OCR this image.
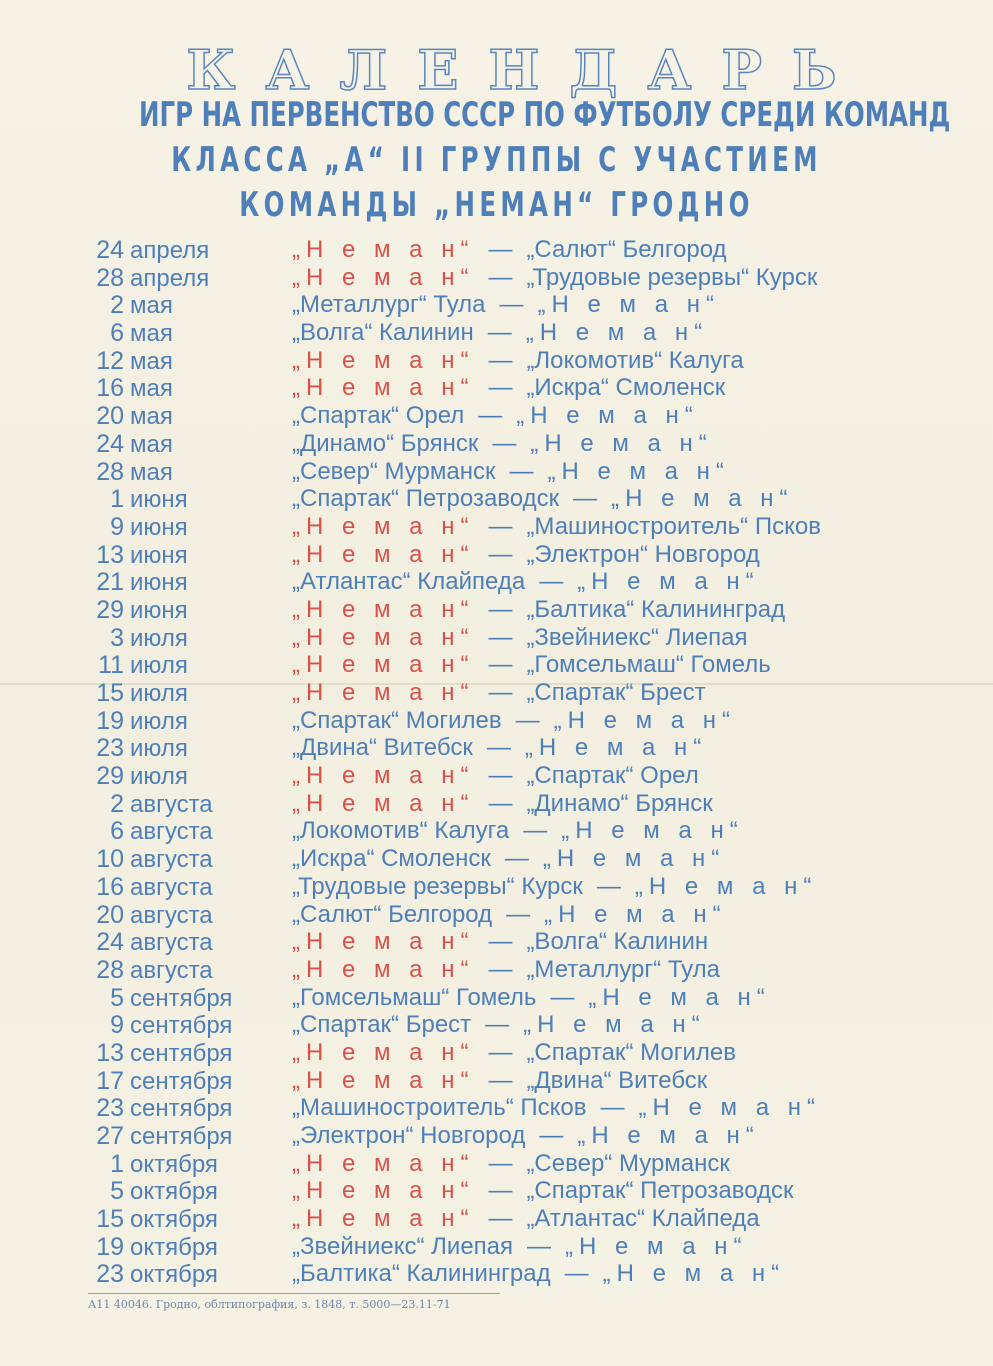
КАЛЕНДАРЬ
ИГР НА ПЕРВЕНСТВО СССР ПО ФУТБОЛУ СРЕДИ КОМАНД
КЛАССА „А“ II ГРУППЫ С УЧАСТИЕМ
КОМАНДЫ „НЕМАН“ ГРОДНО
24 апреля	„Н е м а н“ — „Салют“ Белгород
28 апреля	„Н е м а н“ — „Трудовые резервы“ Курск
2 мая	„Металлург“ Тула — „Н е м а н“
6 мая	„Волга“ Калинин — „Н е м а н“
12 мая	„Н е м а н“ — „Локомотив“ Калуга
16 мая	„Н е м а н“ — „Искра“ Смоленск
20 мая	„Спартак“ Орел — „Н е м а н“
24 мая	„Динамо“ Брянск — „Н е м а н“
28 мая	„Север“ Мурманск — „Н е м а н“
1 июня	„Спартак“ Петрозаводск — „Н е м а н“
9 июня	„Н е м а н“ — „Машиностроитель“ Псков
13 июня	„Н е м а н“ — „Электрон“ Новгород
21 июня	„Атлантас“ Клайпеда — „Н е м а н“
29 июня	„Н е м а н“ — „Балтика“ Калининград
3 июля	„Н е м а н“ — „Звейниекс“ Лиепая
11 июля	„Н е м а н“ — „Гомсельмаш“ Гомель
15 июля	„Н е м а н“ — „Спартак“ Брест
19 июля	„Спартак“ Могилев — „Н е м а н“
23 июля	„Двина“ Витебск — „Н е м а н“
29 июля	„Н е м а н“ — „Спартак“ Орел
2 августа	„Н е м а н“ — „Динамо“ Брянск
6 августа	„Локомотив“ Калуга — „Н е м а н“
10 августа	„Искра“ Смоленск — „Н е м а н“
16 августа	„Трудовые резервы“ Курск — „Н е м а н“
20 августа	„Салют“ Белгород — „Н е м а н“
24 августа	„Н е м а н“ — „Волга“ Калинин
28 августа	„Н е м а н“ — „Металлург“ Тула
5 сентября	„Гомсельмаш“ Гомель — „Н е м а н“
9 сентября	„Спартак“ Брест — „Н е м а н“
13 сентября	„Н е м а н“ — „Спартак“ Могилев
17 сентября	„Н е м а н“ — „Двина“ Витебск
23 сентября	„Машиностроитель“ Псков — „Н е м а н“
27 сентября	„Электрон“ Новгород — „Н е м а н“
1 октября	„Н е м а н“ — „Север“ Мурманск
5 октября	„Н е м а н“ — „Спартак“ Петрозаводск
15 октября	„Н е м а н“ — „Атлантас“ Клайпеда
19 октября	„Звейниекс“ Лиепая — „Н е м а н“
23 октября	„Балтика“ Калининград — „Н е м а н“
А11 40046. Гродно, облтипография, з. 1848, т. 5000—23.11-71
